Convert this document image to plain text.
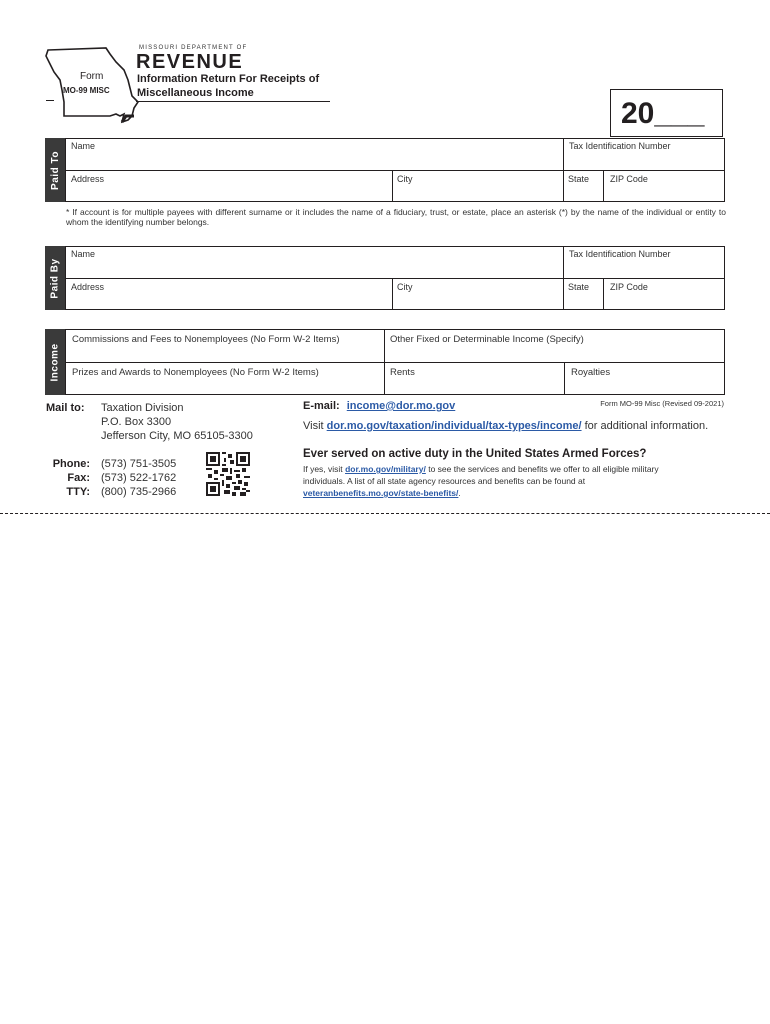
MISSOURI DEPARTMENT OF
REVENUE
Form
MO-99 MISC
Information Return For Receipts of
Miscellaneous Income
20___
Paid To
Name	Tax Identification Number
Address	City	State ZIP Code
* If account is for multiple payees with different surname or it includes the name of a fiduciary, trust, or estate, place an asterisk (*) by the name of the individual or entity to whom the identifying number belongs.
Paid By
Name	Tax Identification Number
Address	City	State ZIP Code
Income
Commissions and Fees to Nonemployees (No Form W-2 Items)	Other Fixed or Determinable Income (Specify)
Prizes and Awards to Nonemployees (No Form W-2 Items)	Rents	Royalties
Form MO-99 Misc (Revised 09-2021)
Mail to: Taxation Division
P.O. Box 3300
Jefferson City, MO 65105-3300
Phone: (573) 751-3505
Fax: (573) 522-1762
TTY: (800) 735-2966
E-mail: income@dor.mo.gov
Visit dor.mo.gov/taxation/individual/tax-types/income/ for additional information.
Ever served on active duty in the United States Armed Forces?
If yes, visit dor.mo.gov/military/ to see the services and benefits we offer to all eligible military individuals. A list of all state agency resources and benefits can be found at veteranbenefits.mo.gov/state-benefits/.
